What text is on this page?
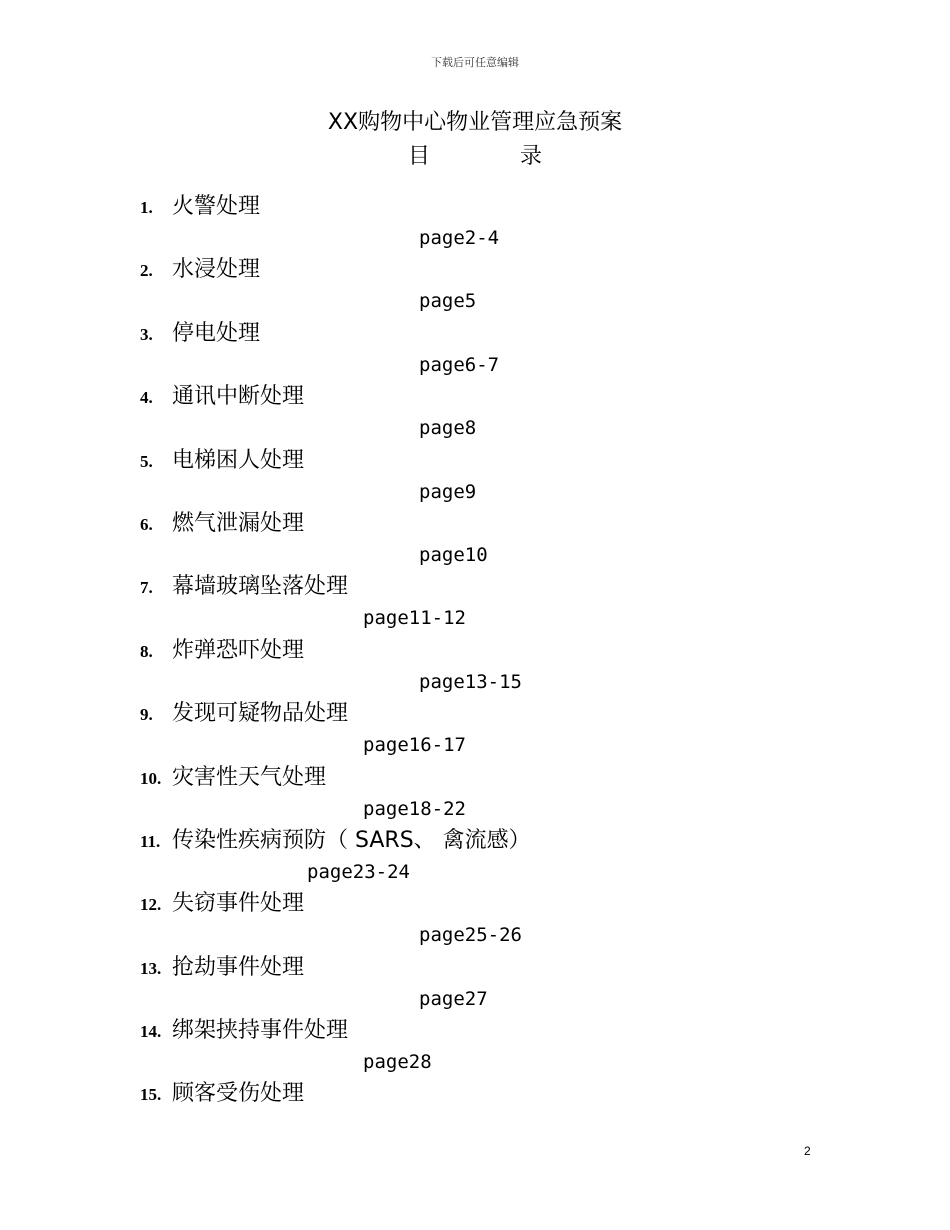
下载后可任意编辑
XX购物中心物业管理应急预案
目	录
1. 火警处理
page2-4
2. 水浸处理
page5
3. 停电处理
page6-7
4. 通讯中断处理
page8
5. 电梯困人处理
page9
6. 燃气泄漏处理
page10
7. 幕墙玻璃坠落处理
page11-12
8. 炸弹恐吓处理
page13-15
9. 发现可疑物品处理
page16-17
10. 灾害性天气处理
page18-22
11. 传染性疾病预防（ SARS、 禽流感）
page23-24
12. 失窃事件处理
page25-26
13. 抢劫事件处理
page27
14. 绑架挟持事件处理
page28
15. 顾客受伤处理
2
